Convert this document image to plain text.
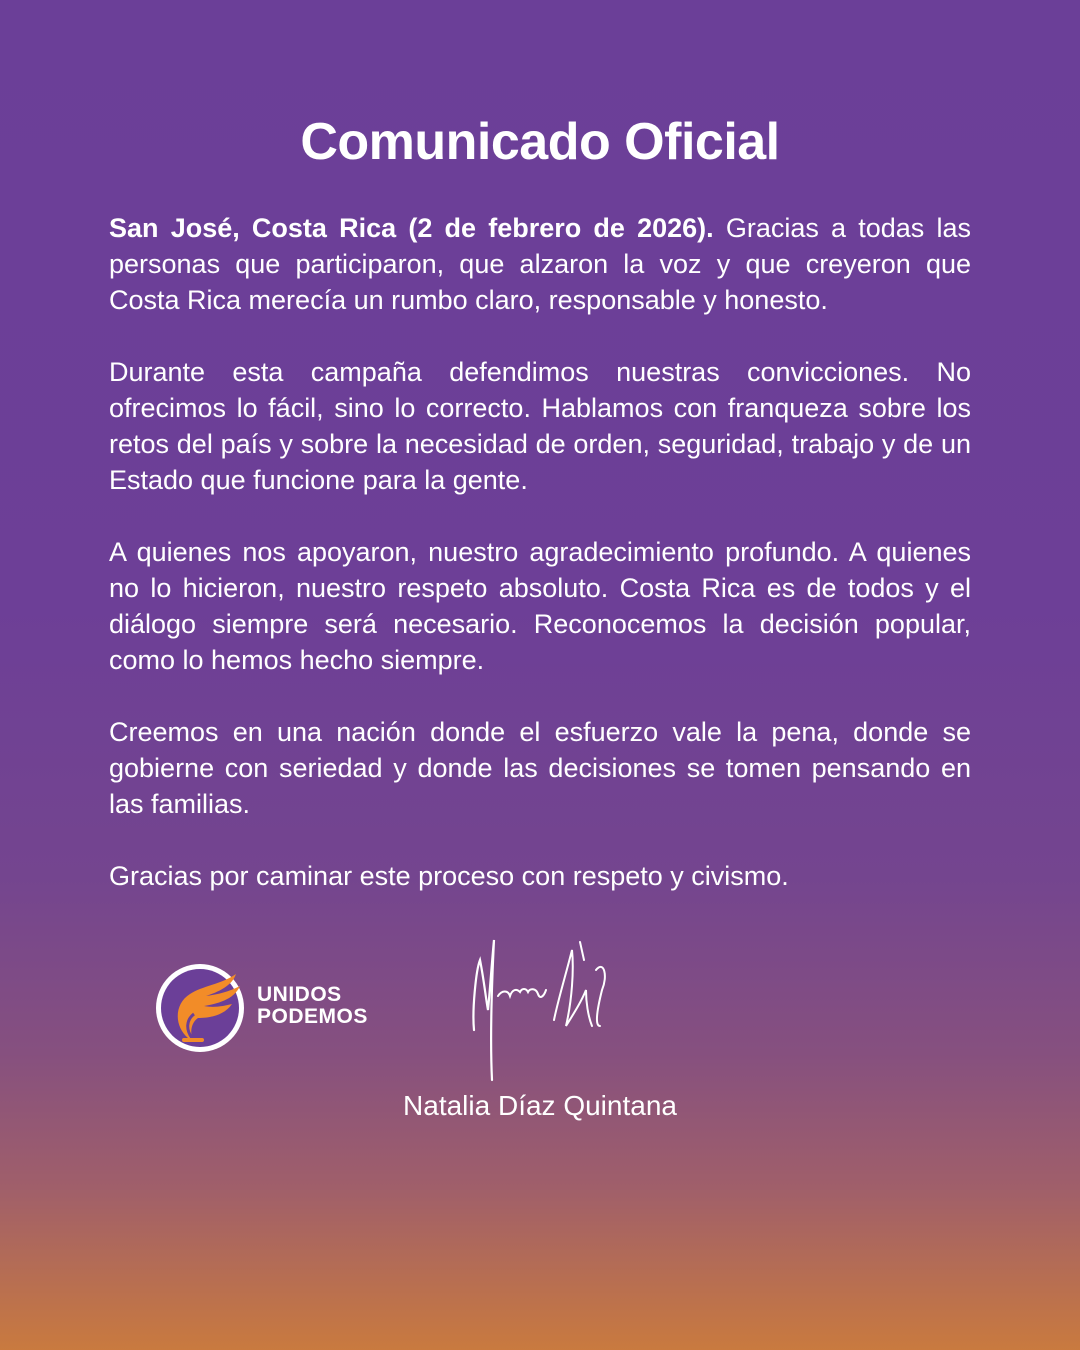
Comunicado Oficial

San José, Costa Rica (2 de febrero de 2026). Gracias a todas las personas que participaron, que alzaron la voz y que creyeron que Costa Rica merecía un rumbo claro, responsable y honesto.

Durante esta campaña defendimos nuestras convicciones. No ofrecimos lo fácil, sino lo correcto. Hablamos con franqueza sobre los retos del país y sobre la necesidad de orden, seguridad, trabajo y de un Estado que funcione para la gente.

A quienes nos apoyaron, nuestro agradecimiento profundo. A quienes no lo hicieron, nuestro respeto absoluto. Costa Rica es de todos y el diálogo siempre será necesario. Reconocemos la decisión popular, como lo hemos hecho siempre.

Creemos en una nación donde el esfuerzo vale la pena, donde se gobierne con seriedad y donde las decisiones se tomen pensando en las familias.

Gracias por caminar este proceso con respeto y civismo.

UNIDOS
PODEMOS
Natalia Díaz Quintana
